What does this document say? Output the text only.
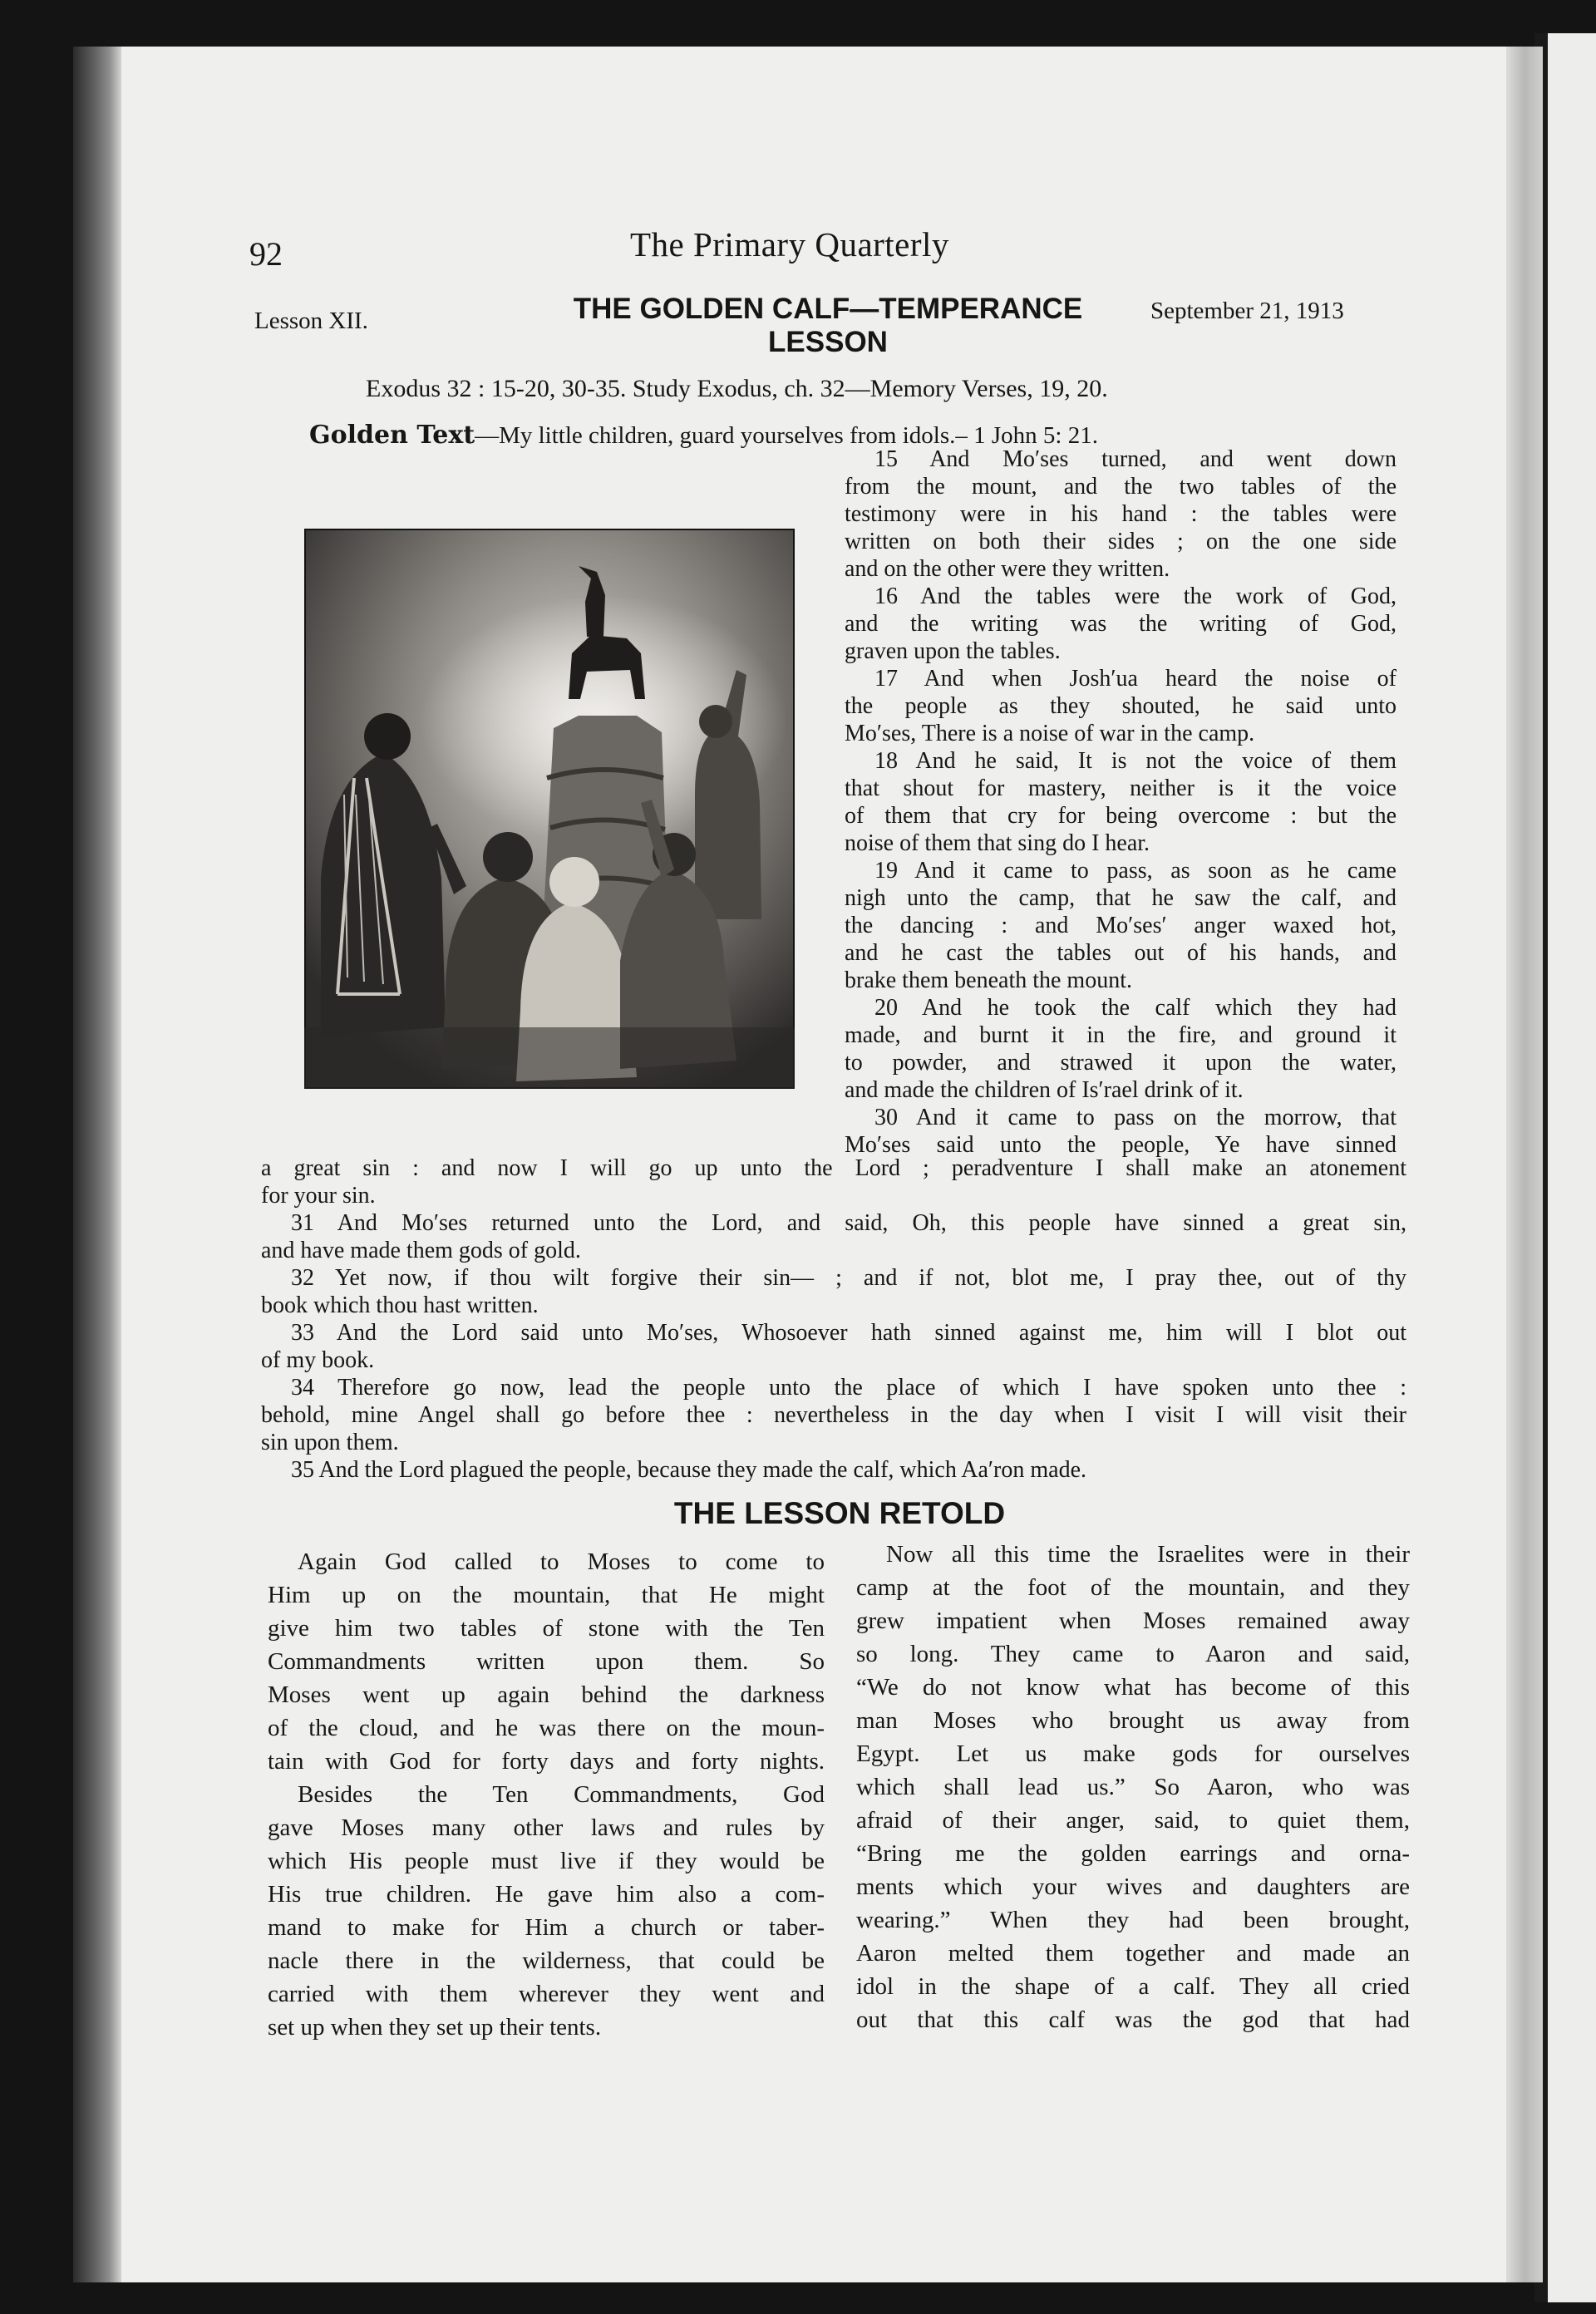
92	The Primary Quarterly
Lesson XII.	THE GOLDEN CALF—TEMPERANCE
LESSON
September 21, 1913
Exodus 32 : 15-20, 30-35. Study Exodus, ch. 32—Memory Verses, 19, 20.
Golden Text—My little children, guard yourselves from idols.– 1 John 5: 21.
15 And Mo′ses turned, and went down
from the mount, and the two tables of the
testimony were in his hand : the tables were
written on both their sides ; on the one side
and on the other were they written.
16 And the tables were the work of God,
and the writing was the writing of God,
graven upon the tables.
17 And when Josh′ua heard the noise of
the people as they shouted, he said unto
Mo′ses, There is a noise of war in the camp.
18 And he said, It is not the voice of them
that shout for mastery, neither is it the voice
of them that cry for being overcome : but the
noise of them that sing do I hear.
19 And it came to pass, as soon as he came
nigh unto the camp, that he saw the calf, and
the dancing : and Mo′ses′ anger waxed hot,
and he cast the tables out of his hands, and
brake them beneath the mount.
20 And he took the calf which they had
made, and burnt it in the fire, and ground it
to powder, and strawed it upon the water,
and made the children of Is′rael drink of it.
30 And it came to pass on the morrow, that
Mo′ses said unto the people, Ye have sinned
a great sin : and now I will go up unto the Lord ; peradventure I shall make an atonement
for your sin.
31 And Mo′ses returned unto the Lord, and said, Oh, this people have sinned a great sin,
and have made them gods of gold.
32 Yet now, if thou wilt forgive their sin— ; and if not, blot me, I pray thee, out of thy
book which thou hast written.
33 And the Lord said unto Mo′ses, Whosoever hath sinned against me, him will I blot out
of my book.
34 Therefore go now, lead the people unto the place of which I have spoken unto thee :
behold, mine Angel shall go before thee : nevertheless in the day when I visit I will visit their
sin upon them.
35 And the Lord plagued the people, because they made the calf, which Aa′ron made.
THE LESSON RETOLD
Again God called to Moses to come to
Him up on the mountain, that He might
give him two tables of stone with the Ten
Commandments written upon them. So
Moses went up again behind the darkness
of the cloud, and he was there on the moun-
tain with God for forty days and forty nights.
Besides the Ten Commandments, God
gave Moses many other laws and rules by
which His people must live if they would be
His true children. He gave him also a com-
mand to make for Him a church or taber-
nacle there in the wilderness, that could be
carried with them wherever they went and
set up when they set up their tents.
Now all this time the Israelites were in their
camp at the foot of the mountain, and they
grew impatient when Moses remained away
so long. They came to Aaron and said,
“We do not know what has become of this
man Moses who brought us away from
Egypt. Let us make gods for ourselves
which shall lead us.” So Aaron, who was
afraid of their anger, said, to quiet them,
“Bring me the golden earrings and orna-
ments which your wives and daughters are
wearing.” When they had been brought,
Aaron melted them together and made an
idol in the shape of a calf. They all cried
out that this calf was the god that had
